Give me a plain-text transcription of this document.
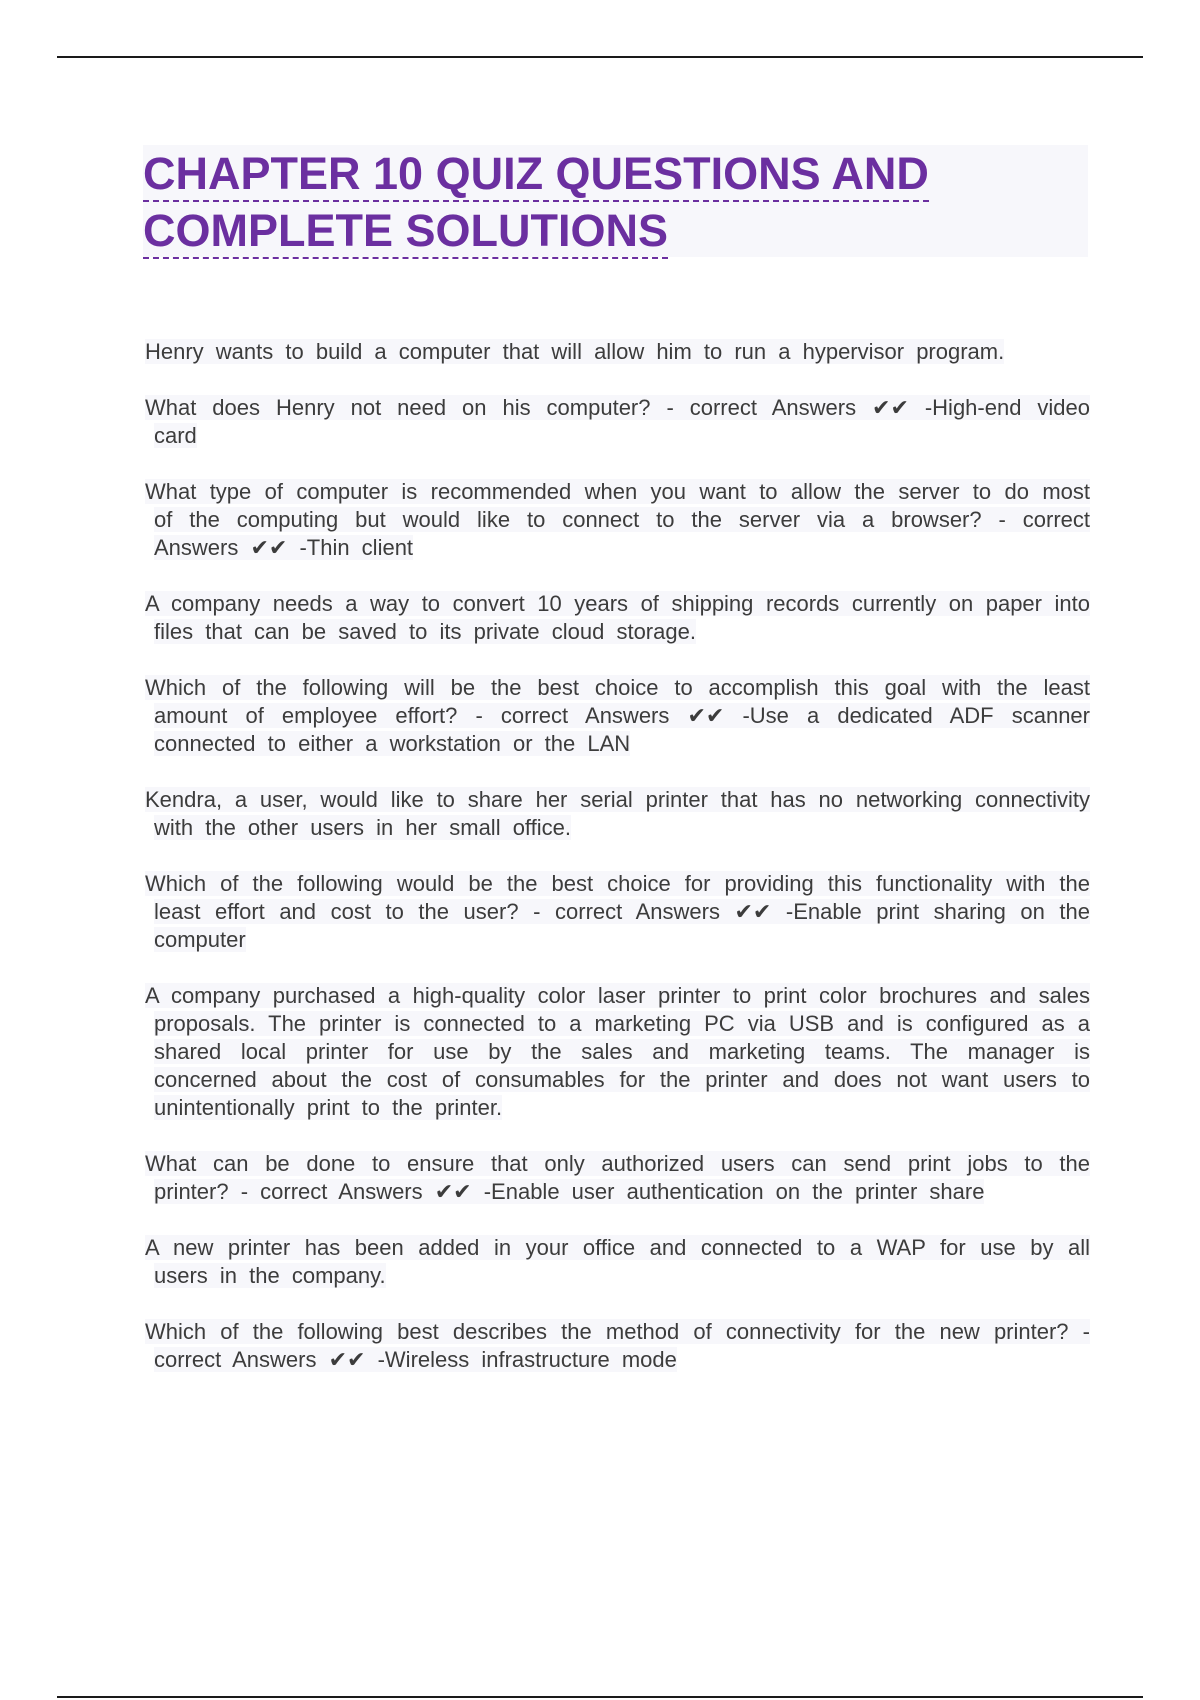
CHAPTER 10 QUIZ QUESTIONS AND
COMPLETE SOLUTIONS

Henry wants to build a computer that will allow him to run a hypervisor program.

What does Henry not need on his computer? - correct Answers ✔✔ -High-end video card

What type of computer is recommended when you want to allow the server to do most of the computing but would like to connect to the server via a browser? - correct Answers ✔✔ -Thin client

A company needs a way to convert 10 years of shipping records currently on paper into files that can be saved to its private cloud storage.

Which of the following will be the best choice to accomplish this goal with the least amount of employee effort? - correct Answers ✔✔ -Use a dedicated ADF scanner connected to either a workstation or the LAN

Kendra, a user, would like to share her serial printer that has no networking connectivity with the other users in her small office.

Which of the following would be the best choice for providing this functionality with the least effort and cost to the user? - correct Answers ✔✔ -Enable print sharing on the computer

A company purchased a high-quality color laser printer to print color brochures and sales proposals. The printer is connected to a marketing PC via USB and is configured as a shared local printer for use by the sales and marketing teams. The manager is concerned about the cost of consumables for the printer and does not want users to unintentionally print to the printer.

What can be done to ensure that only authorized users can send print jobs to the printer? - correct Answers ✔✔ -Enable user authentication on the printer share

A new printer has been added in your office and connected to a WAP for use by all users in the company.

Which of the following best describes the method of connectivity for the new printer? - correct Answers ✔✔ -Wireless infrastructure mode
